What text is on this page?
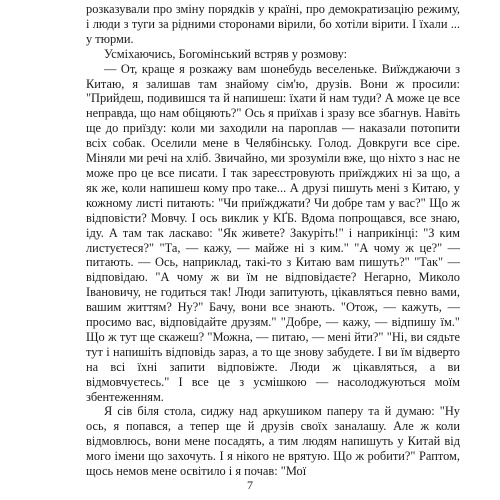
розказували про зміну порядків у країні, про демократизацію режиму, і люди з туги за рідними сторонами вірили, бо хотіли вірити. І їхали ... у тюрми.

Усміхаючись, Богомінський встряв у розмову:

— От, краще я розкажу вам шонебудь веселеньке. Виїжджаючи з Китаю, я залишав там знайому сім'ю, друзів. Вони ж просили: "Прийдеш, подивишся та й напишеш: їхати й нам туди? А може це все неправда, що нам обіцяють?" Ось я приїхав і зразу все збагнув. Навіть ще до приїзду: коли ми заходили на пароплав — наказали потопити всіх собак. Оселили мене в Челябінську. Голод. Довкруги все сіре. Міняли ми речі на хліб. Звичайно, ми зрозуміли вже, що ніхто з нас не може про це все писати. І так зареєстровують приїжджих ні за що, а як же, коли напишеш кому про таке... А друзі пишуть мені з Китаю, у кожному листі питають: "Чи приїжджати? Чи добре там у вас?" Що ж відповісти? Мовчу. І ось виклик у КҐБ. Вдома попрощався, все знаю, іду. А там так ласкаво: "Як живете? Закуріть!" і наприкінці: "З ким листуєтеся?" "Та, — кажу, — майже ні з ким." "А чому ж це?" — питають. — Ось, наприклад, такі-то з Китаю вам пишуть?" "Так" — відповідаю. "А чому ж ви їм не відповідаєте? Негарно, Миколо Івановичу, не годиться так! Люди запитують, цікавляться певно вами, вашим життям? Ну?" Бачу, вони все знають. "Отож, — кажуть, — просимо вас, відповідайте друзям." "Добре, — кажу, — відпишу їм." Що ж тут ще скажеш? "Можна, — питаю, — мені йти?" "Ні, ви сядьте тут і напишіть відповідь зараз, а то ще знову забудете. І ви їм відверто на всі їхні запити відповіжте. Люди ж цікавляться, а ви відмовчуєтесь." І все це з усмішкою — насолоджуються моїм збентеженням.

Я сів біля стола, сиджу над аркушиком паперу та й думаю: "Ну ось, я попався, а тепер ще й друзів своїх заналашу. Але ж коли відмовлюсь, вони мене посадять, а тим людям напишуть у Китай від мого імени що захочуть. І я нікого не врятую. Що ж робити?" Раптом, щось немов мене освітило і я почав: "Мої

7
